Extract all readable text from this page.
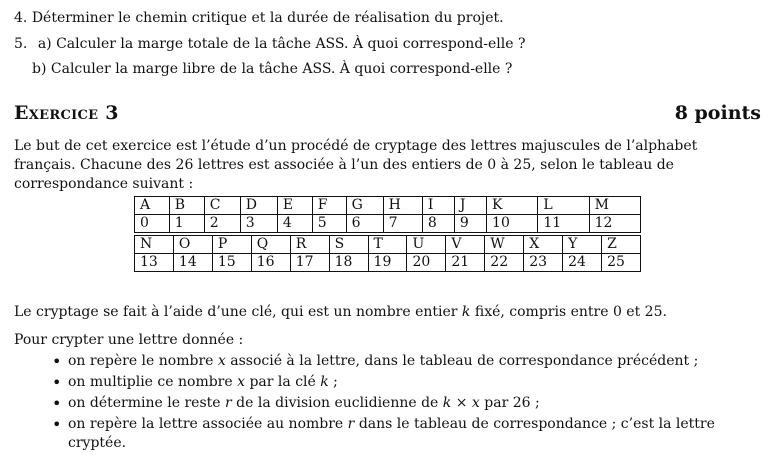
4. Déterminer le chemin critique et la durée de réalisation du projet.
5. a) Calculer la marge totale de la tâche ASS. À quoi correspond-elle ?
b) Calculer la marge libre de la tâche ASS. À quoi correspond-elle ?
Exercice 3	8 points
Le but de cet exercice est l’étude d’un procédé de cryptage des lettres majuscules de l’alphabet français. Chacune des 26 lettres est associée à l’un des entiers de 0 à 25, selon le tableau de correspondance suivant :
A	B	C	D	E	F	G	H	I	J	K	L	M
0	1	2	3	4	5	6	7	8	9	10	11	12
N	O	P	Q	R	S	T	U	V	W	X	Y	Z
13	14	15	16	17	18	19	20	21	22	23	24	25
Le cryptage se fait à l’aide d’une clé, qui est un nombre entier k fixé, compris entre 0 et 25.
Pour crypter une lettre donnée :
• on repère le nombre x associé à la lettre, dans le tableau de correspondance précédent ;
• on multiplie ce nombre x par la clé k ;
• on détermine le reste r de la division euclidienne de k × x par 26 ;
• on repère la lettre associée au nombre r dans le tableau de correspondance ; c’est la lettre cryptée.
